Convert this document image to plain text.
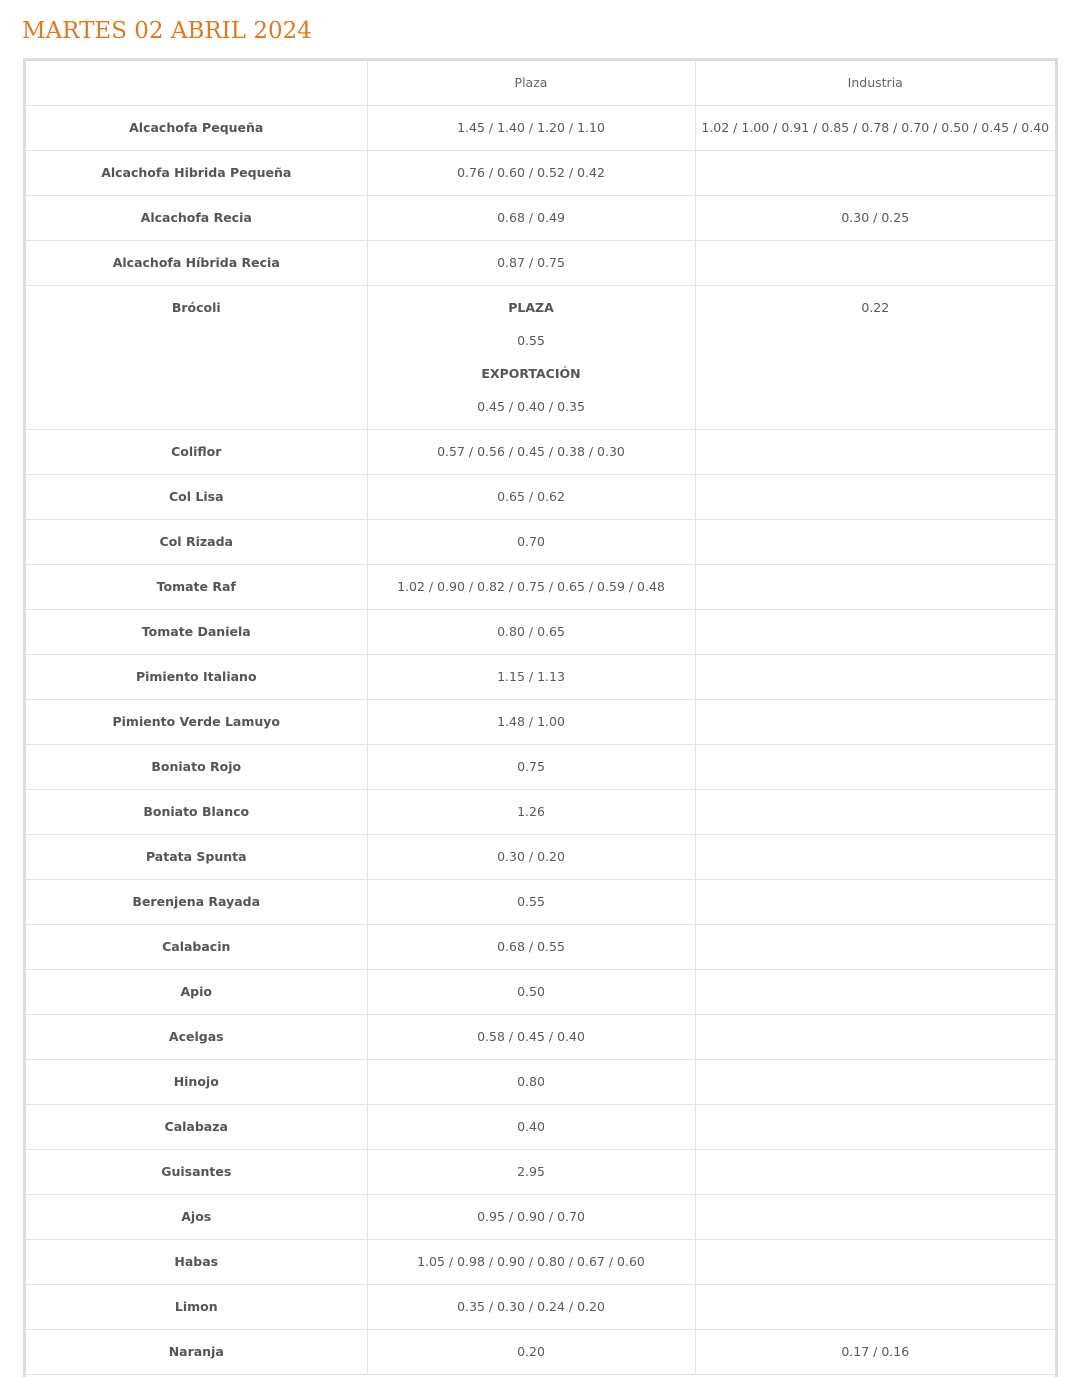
MARTES 02 ABRIL 2024
	Plaza	Industria
Alcachofa Pequeña	1.45 / 1.40 / 1.20 / 1.10	1.02 / 1.00 / 0.91 / 0.85 / 0.78 / 0.70 / 0.50 / 0.45 / 0.40
Alcachofa Hibrida Pequeña	0.76 / 0.60 / 0.52 / 0.42	
Alcachofa Recia	0.68 / 0.49	0.30 / 0.25
Alcachofa Híbrida Recia	0.87 / 0.75	
Brócoli	PLAZA
0.55
EXPORTACIÓN
0.45 / 0.40 / 0.35	0.22
Coliflor	0.57 / 0.56 / 0.45 / 0.38 / 0.30	
Col Lisa	0.65 / 0.62	
Col Rizada	0.70	
Tomate Raf	1.02 / 0.90 / 0.82 / 0.75 / 0.65 / 0.59 / 0.48	
Tomate Daniela	0.80 / 0.65	
Pimiento Italiano	1.15 / 1.13	
Pimiento Verde Lamuyo	1.48 / 1.00	
Boniato Rojo	0.75	
Boniato Blanco	1.26	
Patata Spunta	0.30 / 0.20	
Berenjena Rayada	0.55	
Calabacin	0.68 / 0.55	
Apio	0.50	
Acelgas	0.58 / 0.45 / 0.40	
Hinojo	0.80	
Calabaza	0.40	
Guisantes	2.95	
Ajos	0.95 / 0.90 / 0.70	
Habas	1.05 / 0.98 / 0.90 / 0.80 / 0.67 / 0.60	
Limon	0.35 / 0.30 / 0.24 / 0.20	
Naranja	0.20	0.17 / 0.16
